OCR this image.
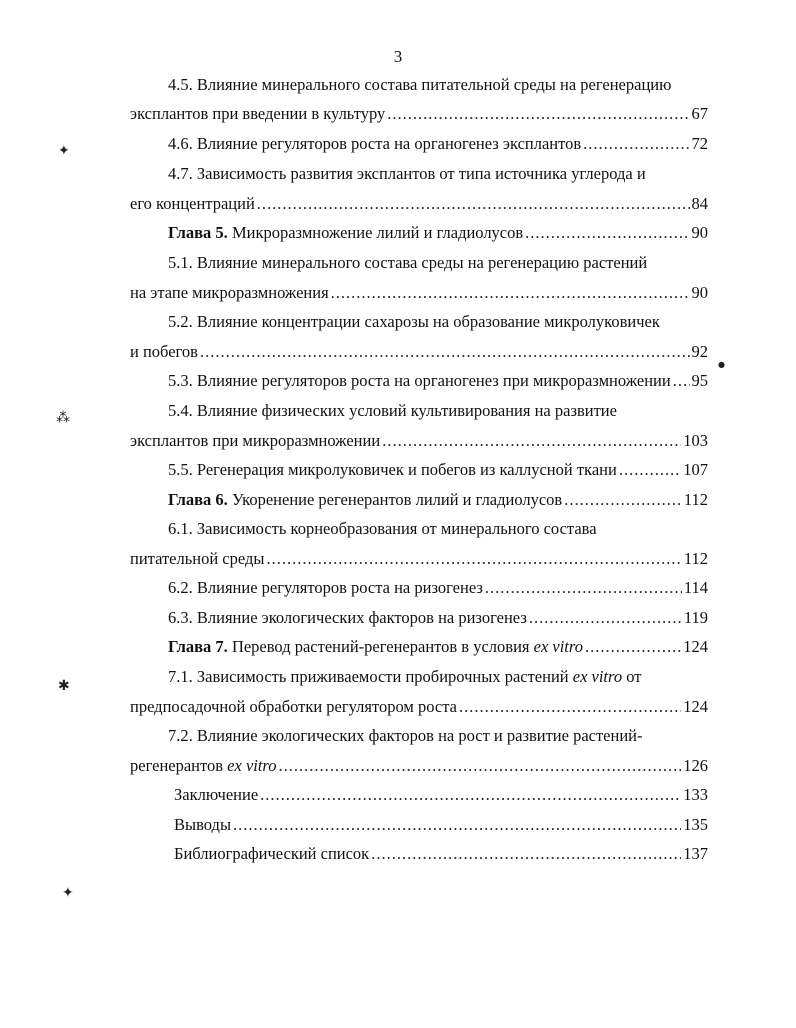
3
4.5. Влияние минерального состава питательной среды на регенерацию
эксплантов при введении в культуру .....	67
4.6. Влияние регуляторов роста на органогенез эксплантов .....	72
4.7. Зависимость развития эксплантов от типа источника углерода и
его концентраций .....	84
Глава 5. Микроразмножение лилий и гладиолусов .....	90
5.1. Влияние минерального состава среды на регенерацию растений
на этапе микроразмножения .....	90
5.2. Влияние концентрации сахарозы на образование микролуковичек
и побегов .....	92
5.3. Влияние регуляторов роста на органогенез при микроразмножении ..... 95
5.4. Влияние физических условий культивирования на развитие
эксплантов при микроразмножении .....	103
5.5. Регенерация микролуковичек и побегов из каллусной ткани .....	107
Глава 6. Укоренение регенерантов лилий и гладиолусов .....	112
6.1. Зависимость корнеобразования от минерального состава
питательной среды .....	112
6.2. Влияние регуляторов роста на ризогенез .....	114
6.3. Влияние экологических факторов на ризогенез .....	119
Глава 7. Перевод растений-регенерантов в условия ex vitro .....	124
7.1. Зависимость приживаемости пробирочных растений ex vitro от
предпосадочной обработки регулятором роста .....	124
7.2. Влияние экологических факторов на рост и развитие растений-
регенерантов ex vitro .....	126
Заключение .....	133
Выводы .....	135
Библиографический список .....	137
✦
⁂
✱
✦
●
